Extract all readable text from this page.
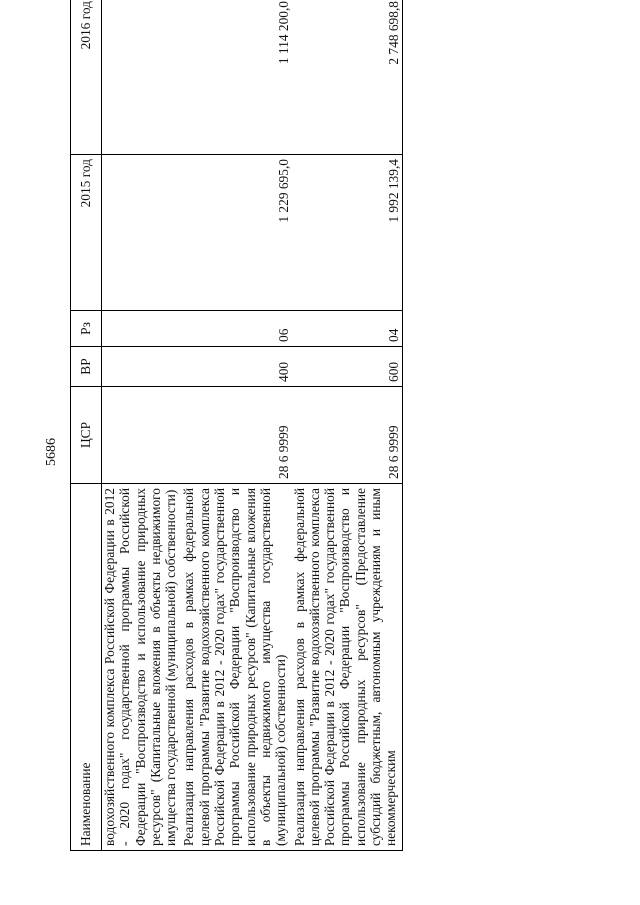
5686
Наименование	ЦСР	ВР	Рз	2015 год	2016 год
водохозяйственного комплекса Российской Федерации в 2012 - 2020 годах" государственной программы Российской Федерации "Воспроизводство и использование природных ресурсов" (Капитальные вложения в объекты недвижимого имущества государственной (муниципальной) собственности)					
Реализация направления расходов в рамках федеральной целевой программы "Развитие водохозяйственного комплекса Российской Федерации в 2012 - 2020 годах" государственной программы Российской Федерации "Воспроизводство и использование природных ресурсов" (Капитальные вложения в объекты недвижимого имущества государственной (муниципальной) собственности)	28 6 9999	400	06	1 229 695,0	1 114 200,0
Реализация направления расходов в рамках федеральной целевой программы "Развитие водохозяйственного комплекса Российской Федерации в 2012 - 2020 годах" государственной программы Российской Федерации "Воспроизводство и использование природных ресурсов" (Предоставление субсидий бюджетным, автономным учреждениям и иным некоммерческим	28 6 9999	600	04	1 992 139,4	2 748 698,8
